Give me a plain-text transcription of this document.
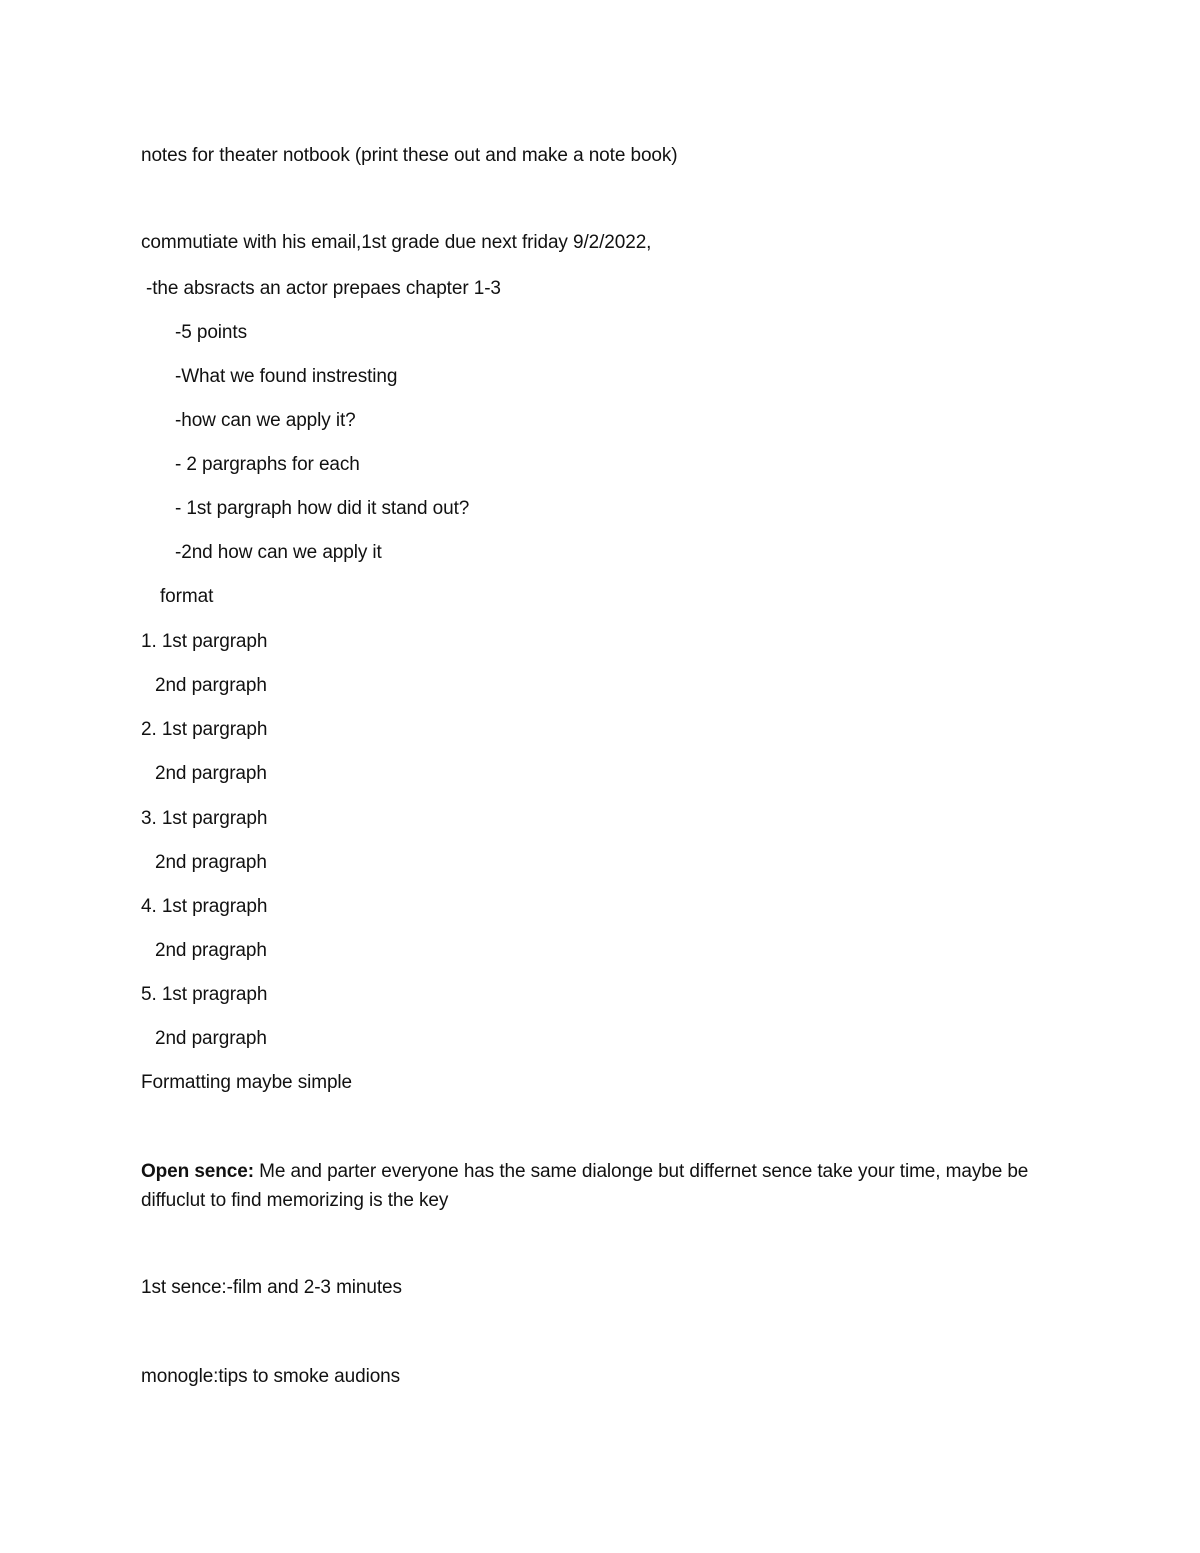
notes for theater notbook (print these out and make a note book)
commutiate with his email,1st grade due next friday 9/2/2022,
-the absracts an actor prepaes chapter 1-3
-5 points
-What we found instresting
-how can we apply it?
- 2 pargraphs for each
- 1st pargraph how did it stand out?
-2nd how can we apply it
format
1. 1st pargraph
2nd pargraph
2. 1st pargraph
2nd pargraph
3. 1st pargraph
2nd pragraph
4. 1st pragraph
2nd pragraph
5. 1st pragraph
2nd pargraph
Formatting maybe simple
Open sence: Me and parter everyone has the same dialonge but differnet sence take your time, maybe be diffuclut to find memorizing is the key
1st sence:-film and 2-3 minutes
monogle:tips to smoke audions
